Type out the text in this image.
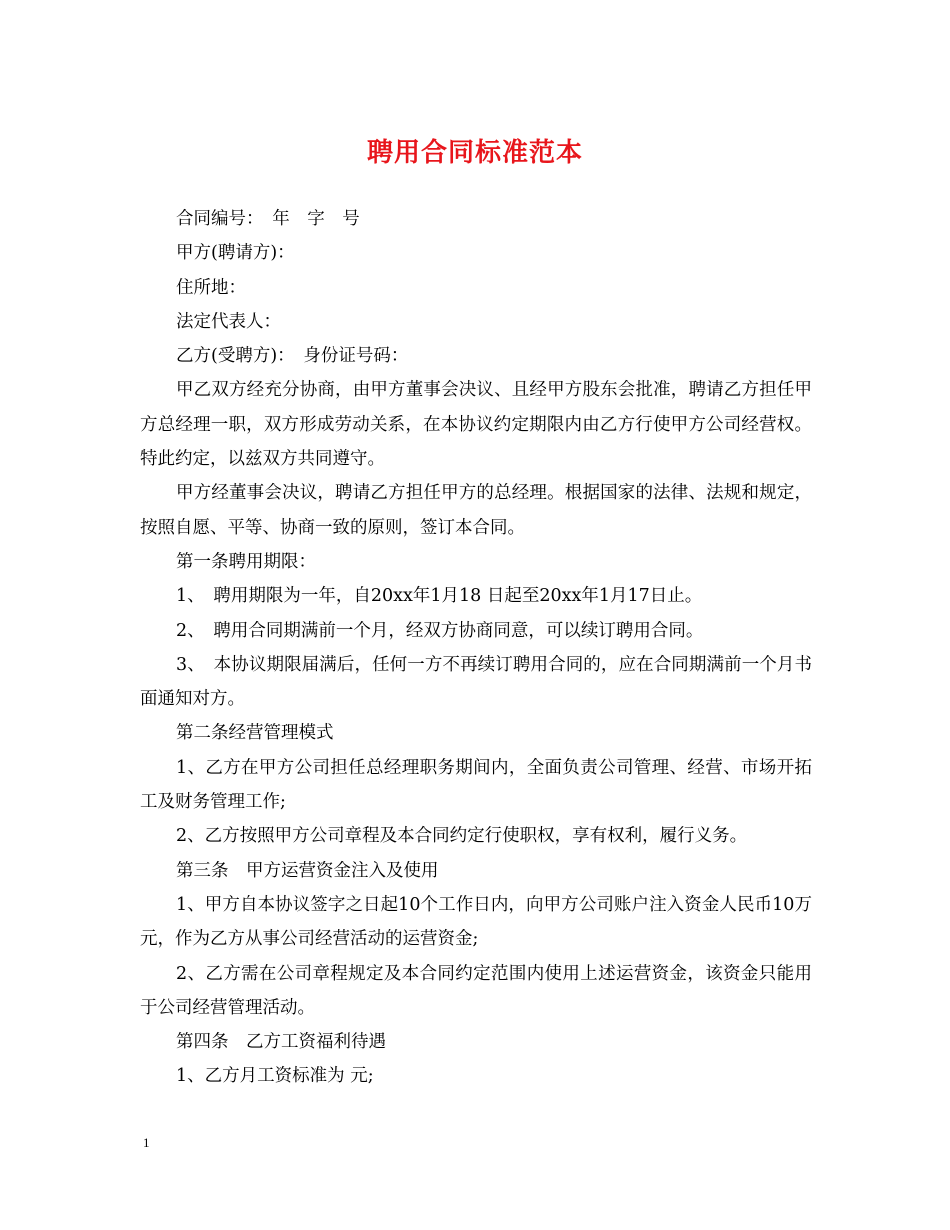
聘用合同标准范本

合同编号：　年　字　号

甲方(聘请方)：

住所地：

法定代表人：

乙方(受聘方)：　身份证号码：

甲乙双方经充分协商，由甲方董事会决议、且经甲方股东会批准，聘请乙方担任甲方总经理一职，双方形成劳动关系，在本协议约定期限内由乙方行使甲方公司经营权。特此约定，以兹双方共同遵守。

甲方经董事会决议，聘请乙方担任甲方的总经理。根据国家的法律、法规和规定，按照自愿、平等、协商一致的原则，签订本合同。

第一条聘用期限：

1、　聘用期限为一年，自20xx年1月18 日起至20xx年1月17日止。

2、　聘用合同期满前一个月，经双方协商同意，可以续订聘用合同。

3、　本协议期限届满后，任何一方不再续订聘用合同的，应在合同期满前一个月书面通知对方。

第二条经营管理模式

1、乙方在甲方公司担任总经理职务期间内，全面负责公司管理、经营、市场开拓工及财务管理工作;

2、乙方按照甲方公司章程及本合同约定行使职权，享有权利，履行义务。

第三条　甲方运营资金注入及使用

1、甲方自本协议签字之日起10个工作日内，向甲方公司账户注入资金人民币10万元，作为乙方从事公司经营活动的运营资金;

2、乙方需在公司章程规定及本合同约定范围内使用上述运营资金，该资金只能用于公司经营管理活动。

第四条　乙方工资福利待遇

1、乙方月工资标准为 元;

1
